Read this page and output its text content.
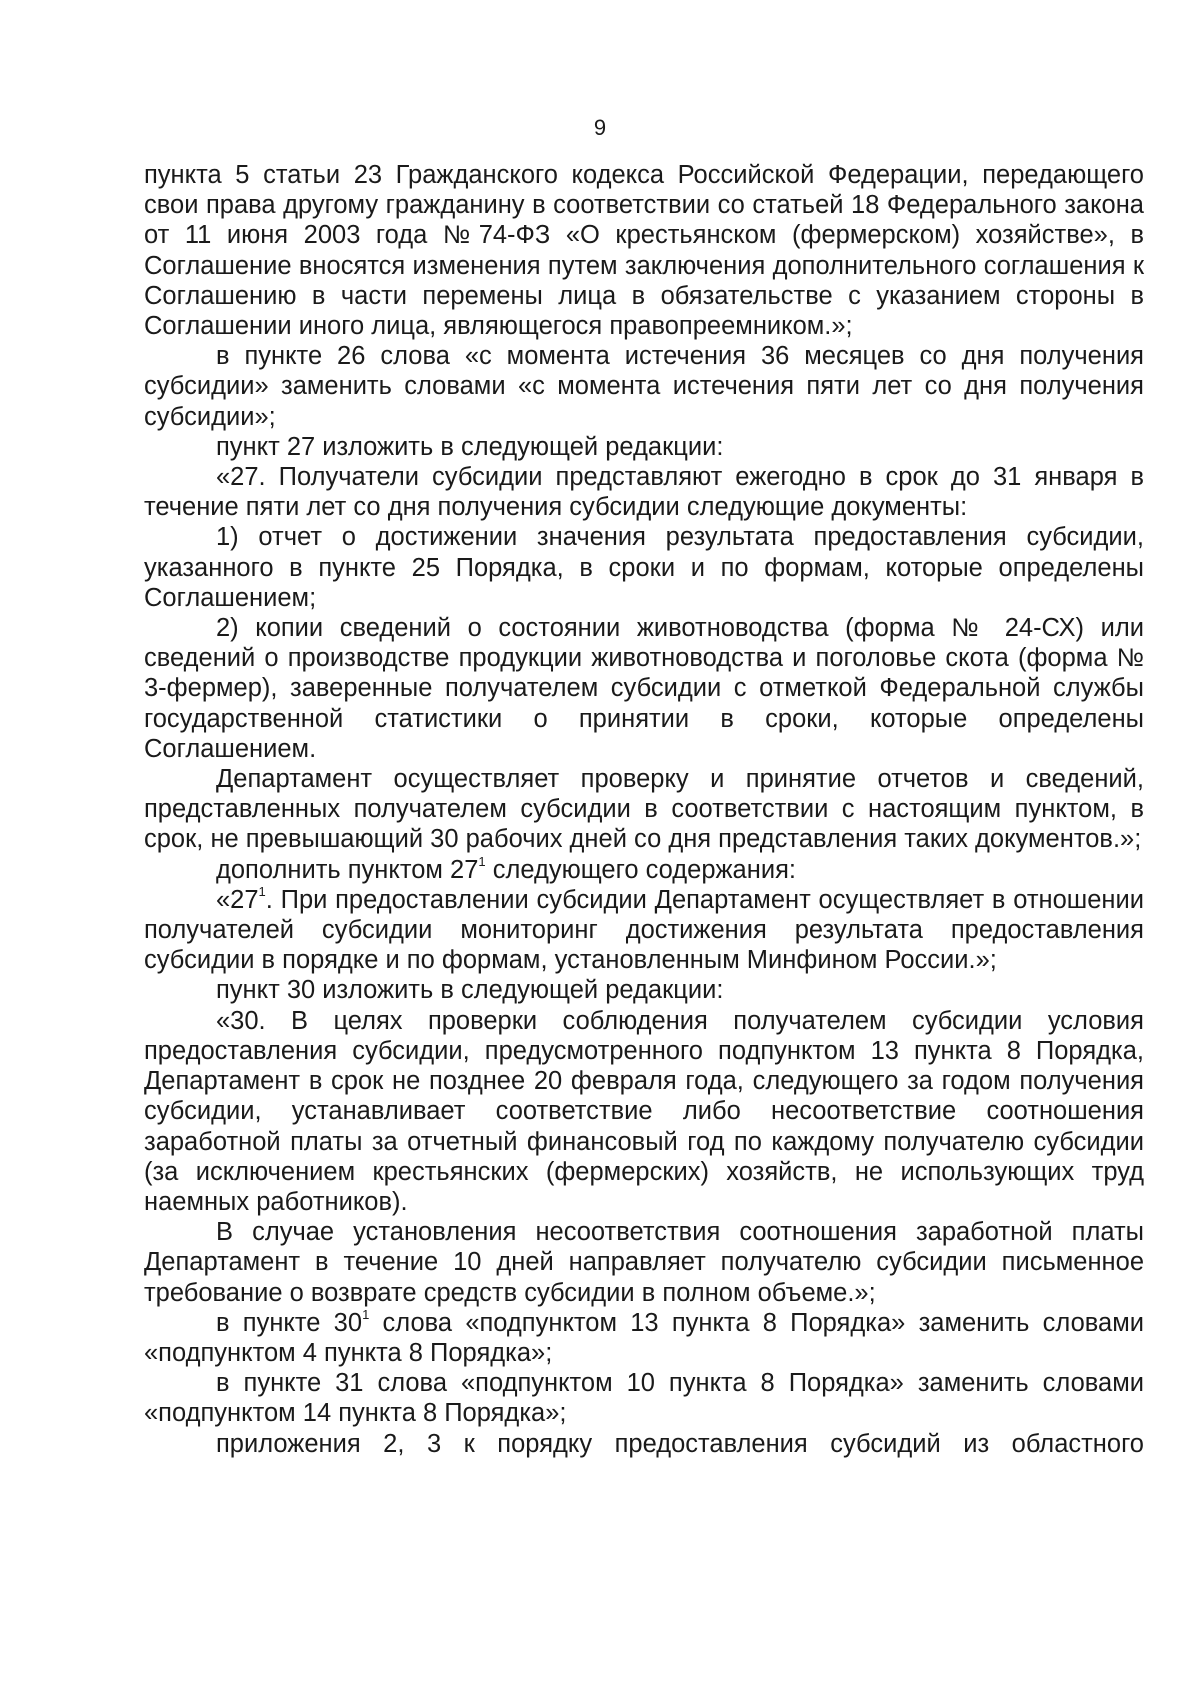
9

пункта 5 статьи 23 Гражданского кодекса Российской Федерации, передающего свои права другому гражданину в соответствии со статьей 18 Федерального закона от 11 июня 2003 года №74-ФЗ «О крестьянском (фермерском) хозяйстве», в Соглашение вносятся изменения путем заключения дополнительного соглашения к Соглашению в части перемены лица в обязательстве с указанием стороны в Соглашении иного лица, являющегося правопреемником.»;

в пункте 26 слова «с момента истечения 36 месяцев со дня получения субсидии» заменить словами «с момента истечения пяти лет со дня получения субсидии»;

пункт 27 изложить в следующей редакции:

«27. Получатели субсидии представляют ежегодно в срок до 31 января в течение пяти лет со дня получения субсидии следующие документы:

1) отчет о достижении значения результата предоставления субсидии, указанного в пункте 25 Порядка, в сроки и по формам, которые определены Соглашением;

2) копии сведений о состоянии животноводства (форма № 24-СХ) или сведений о производстве продукции животноводства и поголовье скота (форма № 3-фермер), заверенные получателем субсидии с отметкой Федеральной службы государственной статистики о принятии в сроки, которые определены Соглашением.

Департамент осуществляет проверку и принятие отчетов и сведений, представленных получателем субсидии в соответствии с настоящим пунктом, в срок, не превышающий 30 рабочих дней со дня представления таких документов.»;

дополнить пунктом $27^1$ следующего содержания:

«$27^1$. При предоставлении субсидии Департамент осуществляет в отношении получателей субсидии мониторинг достижения результата предоставления субсидии в порядке и по формам, установленным Минфином России.»;

пункт 30 изложить в следующей редакции:

«30. В целях проверки соблюдения получателем субсидии условия предоставления субсидии, предусмотренного подпунктом 13 пункта 8 Порядка, Департамент в срок не позднее 20 февраля года, следующего за годом получения субсидии, устанавливает соответствие либо несоответствие соотношения заработной платы за отчетный финансовый год по каждому получателю субсидии (за исключением крестьянских (фермерских) хозяйств, не использующих труд наемных работников).

В случае установления несоответствия соотношения заработной платы Департамент в течение 10 дней направляет получателю субсидии письменное требование о возврате средств субсидии в полном объеме.»;

в пункте $30^1$ слова «подпунктом 13 пункта 8 Порядка» заменить словами «подпунктом 4 пункта 8 Порядка»;

в пункте 31 слова «подпунктом 10 пункта 8 Порядка» заменить словами «подпунктом 14 пункта 8 Порядка»;

приложения 2, 3 к порядку предоставления субсидий из областного
